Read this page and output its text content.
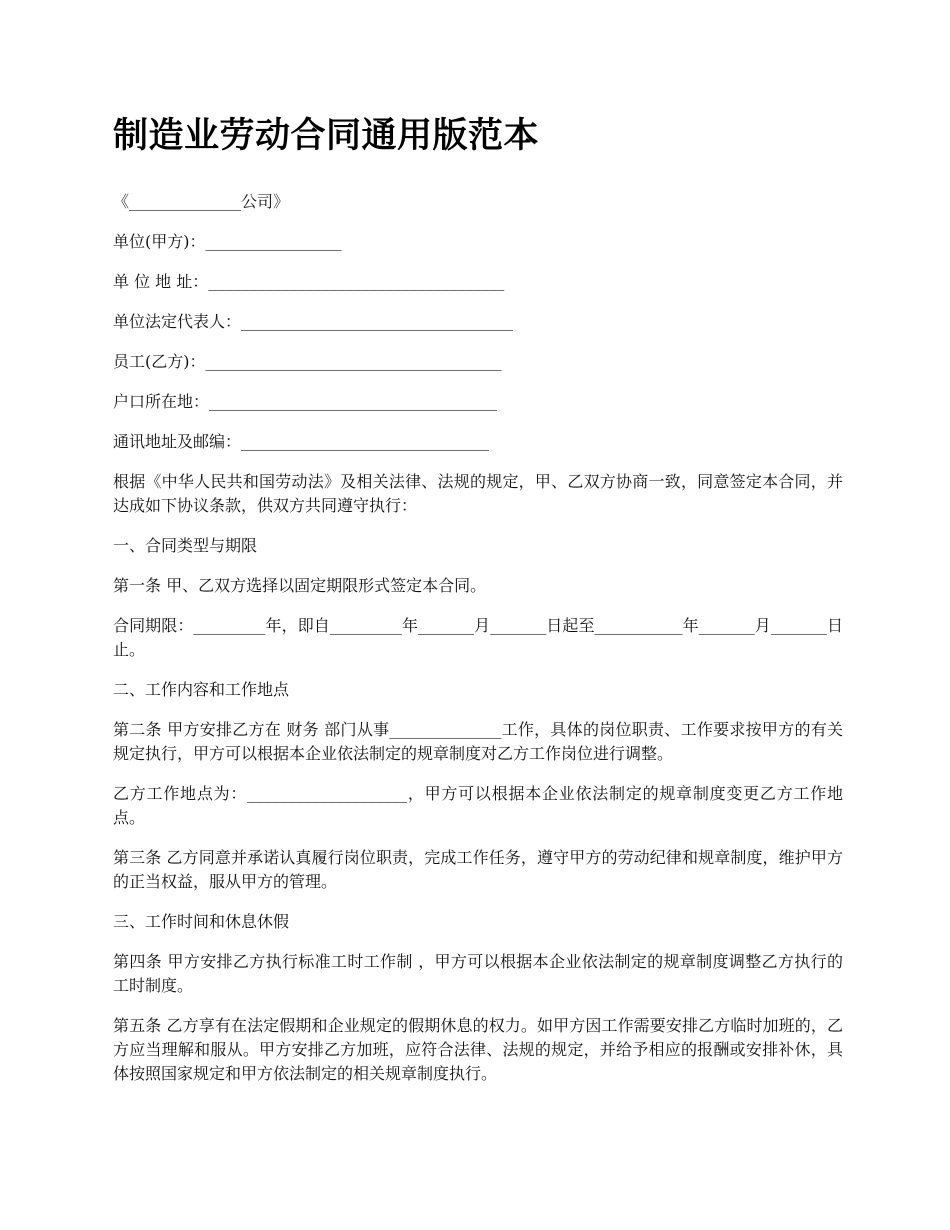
制造业劳动合同通用版范本

《______________公司》

单位(甲方)：_________________

单 位 地 址：_____________________________________

单位法定代表人：__________________________________

员工(乙方)：_____________________________________

户口所在地：____________________________________

通讯地址及邮编：_______________________________

根据《中华人民共和国劳动法》及相关法律、法规的规定，甲、乙双方协商一致，同意签定本合同，并达成如下协议条款，供双方共同遵守执行：

一、合同类型与期限

第一条 甲、乙双方选择以固定期限形式签定本合同。

合同期限：_________年，即自_________年_______月_______日起至___________年_______月_______日止。

二、工作内容和工作地点

第二条 甲方安排乙方在 财务 部门从事______________工作，具体的岗位职责、工作要求按甲方的有关规定执行，甲方可以根据本企业依法制定的规章制度对乙方工作岗位进行调整。

乙方工作地点为：____________________，甲方可以根据本企业依法制定的规章制度变更乙方工作地点。

第三条 乙方同意并承诺认真履行岗位职责，完成工作任务，遵守甲方的劳动纪律和规章制度，维护甲方的正当权益，服从甲方的管理。

三、工作时间和休息休假

第四条 甲方安排乙方执行标准工时工作制 ，甲方可以根据本企业依法制定的规章制度调整乙方执行的工时制度。

第五条 乙方享有在法定假期和企业规定的假期休息的权力。如甲方因工作需要安排乙方临时加班的，乙方应当理解和服从。甲方安排乙方加班，应符合法律、法规的规定，并给予相应的报酬或安排补休，具体按照国家规定和甲方依法制定的相关规章制度执行。
